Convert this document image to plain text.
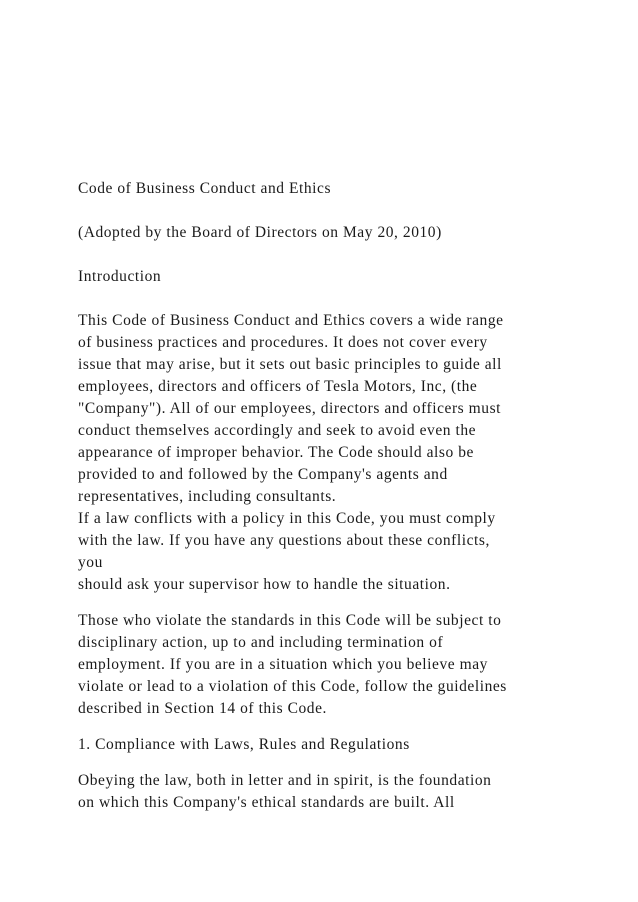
Code of Business Conduct and Ethics

(Adopted by the Board of Directors on May 20, 2010)

Introduction

This Code of Business Conduct and Ethics covers a wide range

of business practices and procedures. It does not cover every

issue that may arise, but it sets out basic principles to guide all

employees, directors and officers of Tesla Motors, Inc, (the

"Company"). All of our employees, directors and officers must

conduct themselves accordingly and seek to avoid even the

appearance of improper behavior. The Code should also be

provided to and followed by the Company's agents and

representatives, including consultants.

If a law conflicts with a policy in this Code, you must comply

with the law. If you have any questions about these conflicts,

you

should ask your supervisor how to handle the situation.

Those who violate the standards in this Code will be subject to

disciplinary action, up to and including termination of

employment. If you are in a situation which you believe may

violate or lead to a violation of this Code, follow the guidelines

described in Section 14 of this Code.

1. Compliance with Laws, Rules and Regulations

Obeying the law, both in letter and in spirit, is the foundation

on which this Company's ethical standards are built. All
